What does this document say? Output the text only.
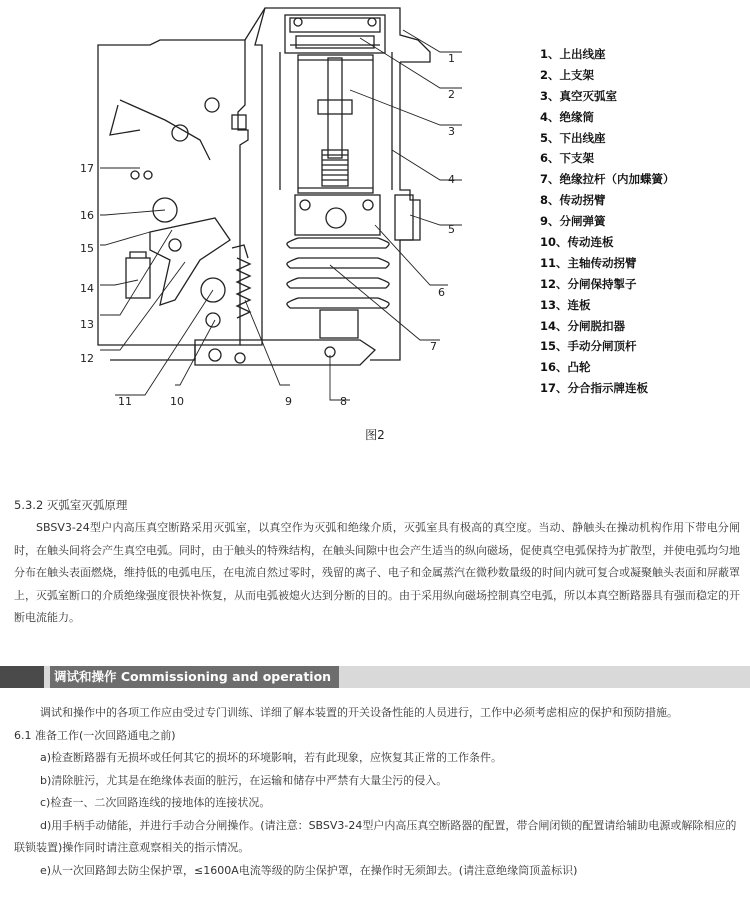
1
2
3
4
5
6
7
8
9
10
11
12
13
14
15
16
17
1、上出线座
2、上支架
3、真空灭弧室
4、绝缘筒
5、下出线座
6、下支架
7、绝缘拉杆（内加蝶簧）
8、传动拐臂
9、分闸弹簧
10、传动连板
11、主轴传动拐臂
12、分闸保持掣子
13、连板
14、分闸脱扣器
15、手动分闸顶杆
16、凸轮
17、分合指示牌连板
图2
5.3.2 灭弧室灭弧原理
SBSV3-24型户内高压真空断路采用灭弧室，以真空作为灭弧和绝缘介质，灭弧室具有极高的真空度。当动、静触头在操动机构作用下带电分闸时，在触头间将会产生真空电弧。同时，由于触头的特殊结构，在触头间隙中也会产生适当的纵向磁场，促使真空电弧保持为扩散型，并使电弧均匀地分布在触头表面燃烧，维持低的电弧电压，在电流自然过零时，残留的离子、电子和金属蒸汽在微秒数量级的时间内就可复合或凝聚触头表面和屏蔽罩上，灭弧室断口的介质绝缘强度很快补恢复，从而电弧被熄火达到分断的目的。由于采用纵向磁场控制真空电弧，所以本真空断路器具有强而稳定的开断电流能力。
调试和操作 Commissioning and operation
调试和操作中的各项工作应由受过专门训练、详细了解本装置的开关设备性能的人员进行，工作中必须考虑相应的保护和预防措施。
6.1 准备工作(一次回路通电之前)
a)检查断路器有无损坏或任何其它的损坏的环境影响，若有此现象，应恢复其正常的工作条件。
b)清除脏污，尤其是在绝缘体表面的脏污，在运输和储存中严禁有大量尘污的侵入。
c)检查一、二次回路连线的接地体的连接状况。
d)用手柄手动储能，并进行手动合分闸操作。(请注意：SBSV3-24型户内高压真空断路器的配置，带合闸闭锁的配置请给辅助电源或解除相应的联锁装置)操作同时请注意观察相关的指示情况。
e)从一次回路卸去防尘保护罩，≤1600A电流等级的防尘保护罩，在操作时无须卸去。(请注意绝缘筒顶盖标识)
